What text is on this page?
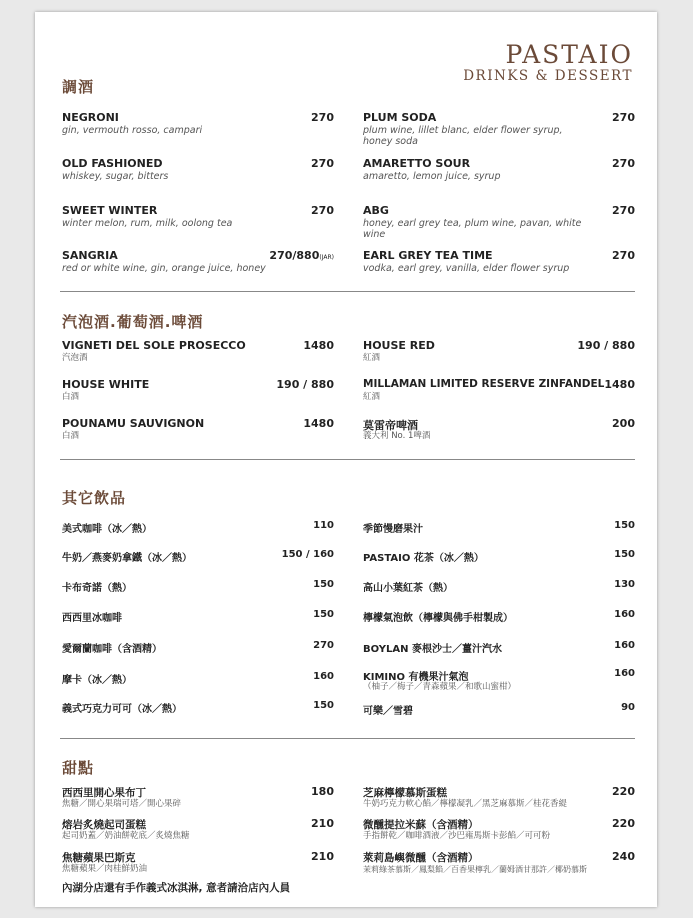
PASTAIO
DRINKS & DESSERT
調酒
NEGRONI	270
gin, vermouth rosso, campari
PLUM SODA	270
plum wine, lillet blanc, elder flower syrup, honey soda
OLD FASHIONED	270
whiskey, sugar, bitters
AMARETTO SOUR	270
amaretto, lemon juice, syrup
SWEET WINTER	270
winter melon, rum, milk, oolong tea
ABG	270
honey, earl grey tea, plum wine, pavan, white wine
SANGRIA	270/880(JAR)
red or white wine, gin, orange juice, honey
EARL GREY TEA TIME	270
vodka, earl grey, vanilla, elder flower syrup
汽泡酒.葡萄酒.啤酒
VIGNETI DEL SOLE PROSECCO	1480
汽泡酒
HOUSE RED	190 / 880
紅酒
HOUSE WHITE	190 / 880
白酒
MILLAMAN LIMITED RESERVE ZINFANDEL 1480
紅酒
POUNAMU SAUVIGNON	1480
白酒
莫雷帝啤酒	200
義大利 No. 1啤酒
其它飲品
美式咖啡（冰／熱）	110	季節慢磨果汁	150
牛奶／燕麥奶拿鐵（冰／熱）	150 / 160	PASTAIO 花茶（冰／熱）	150
卡布奇諾（熱）	150	高山小葉紅茶（熱）	130
西西里冰咖啡	150	檸檬氣泡飲（檸檬與佛手柑製成）	160
愛爾蘭咖啡（含酒精）	270	BOYLAN 麥根沙士／薑汁汽水	160
摩卡（冰／熱）	160	KIMINO 有機果汁氣泡	160
（柚子／梅子／青森蘋果／和歌山蜜柑）
義式巧克力可可（冰／熱）	150
可樂／雪碧	90
甜點
西西里開心果布丁	180
焦糖／開心果瑞可塔／開心果碎
芝麻檸檬慕斯蛋糕	220
牛奶巧克力軟心餡／檸檬凝乳／黑芝麻慕斯／桂花香緹
熔岩炙燒起司蛋糕	210
起司奶蓋／奶油餅乾底／炙燒焦糖
微醺提拉米蘇（含酒精）	220
手指餅乾／咖啡酒液／沙巴雍馬斯卡彭餡／可可粉
焦糖蘋果巴斯克	210
焦糖蘋果／肉桂鮮奶油
萊莉島嶼微醺（含酒精）	240
茉莉綠茶慕斯／鳳梨餡／百香果檸乳／蘭姆酒甘那許／椰奶慕斯
內湖分店還有手作義式冰淇淋, 意者請洽店內人員
